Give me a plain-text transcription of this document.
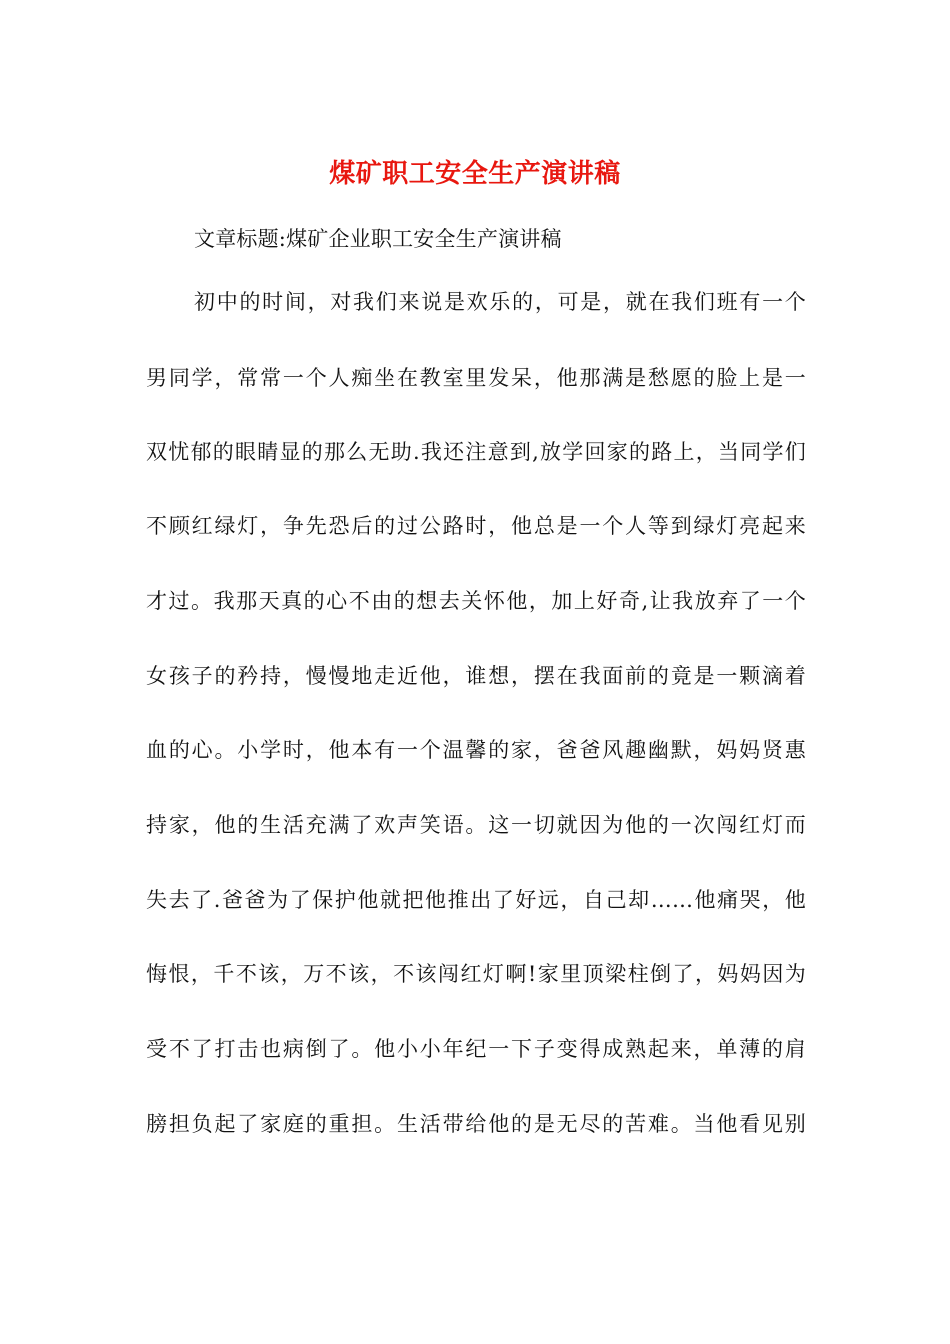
煤矿职工安全生产演讲稿
文章标题:煤矿企业职工安全生产演讲稿
初中的时间，对我们来说是欢乐的，可是，就在我们班有一个
男同学，常常一个人痴坐在教室里发呆，他那满是愁愿的脸上是一
双忧郁的眼睛显的那么无助.我还注意到,放学回家的路上，当同学们
不顾红绿灯，争先恐后的过公路时，他总是一个人等到绿灯亮起来
才过。我那天真的心不由的想去关怀他，加上好奇,让我放弃了一个
女孩子的矜持，慢慢地走近他，谁想，摆在我面前的竟是一颗滴着
血的心。小学时，他本有一个温馨的家，爸爸风趣幽默，妈妈贤惠
持家，他的生活充满了欢声笑语。这一切就因为他的一次闯红灯而
失去了.爸爸为了保护他就把他推出了好远，自己却……他痛哭，他
悔恨，千不该，万不该，不该闯红灯啊!家里顶梁柱倒了，妈妈因为
受不了打击也病倒了。他小小年纪一下子变得成熟起来，单薄的肩
膀担负起了家庭的重担。生活带给他的是无尽的苦难。当他看见别
